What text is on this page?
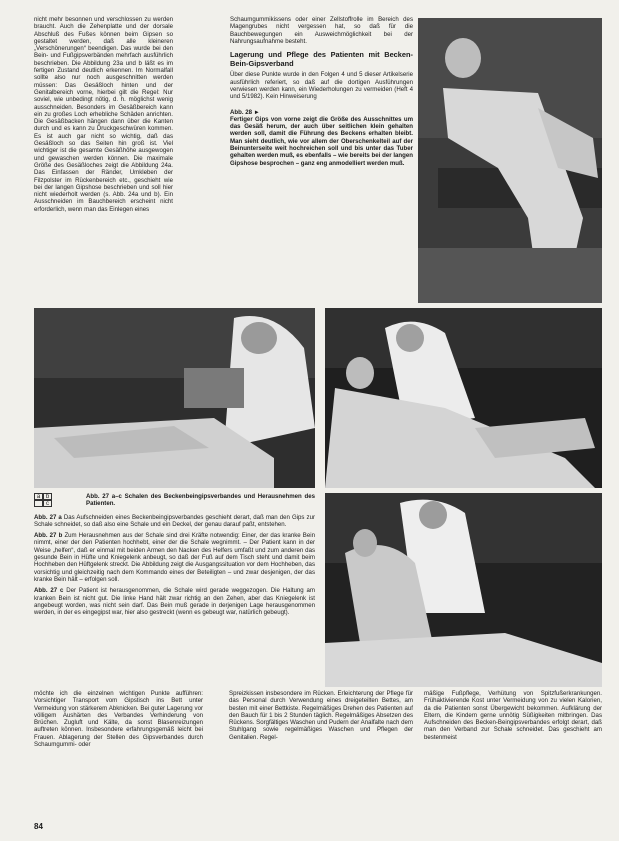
nicht mehr besonnen und verschlossen zu werden braucht. Auch die Zehenplatte und der dorsale Abschluß des Fußes können beim Gipsen so gestaltet werden, daß alle kleineren „Verschönerungen“ beendigen. Das wurde bei den Bein- und Fußgipsverbänden mehrfach ausführlich beschrieben. Die Abbildung 23a und b läßt es im fertigen Zustand deutlich erkennen. Im Normalfall sollte also nur noch ausgeschnitten werden müssen: Das Gesäßloch hinten und der Genitalbereich vorne, hierbei gilt die Regel: Nur soviel, wie unbedingt nötig, d. h. möglichst wenig ausschneiden. Besonders im Gesäßbereich kann ein zu großes Loch erhebliche Schäden anrichten. Die Gesäßbacken hängen dann über die Kanten durch und es kann zu Druckgeschwüren kommen. Es ist auch gar nicht so wichtig, daß das Gesäßloch so das Seiten hin groß ist. Viel wichtiger ist die gesamte Gesäßhöhe ausgewogen und gewaschen werden können. Die maximale Größe des Gesäßloches zeigt die Abbildung 24a. Das Einfassen der Ränder, Umkleben der Filzpolster im Rückenbereich etc., geschieht wie bei der langen Gipshose beschrieben und soll hier nicht wiederholt werden (s. Abb. 24a und b). Ein Ausschneiden im Bauchbereich erscheint nicht erforderlich, wenn man das Einlegen eines

Schaumgummikissens oder einer Zellstoffrolle im Bereich des Magengrubes nicht vergessen hat, so daß für die Bauchbewegungen ein Ausweichmöglichkeit bei der Nahrungsaufnahme besteht.

Lagerung und Pflege des Patienten mit Becken-Bein-Gipsverband

Über diese Punkte wurde in den Folgen 4 und 5 dieser Artikelserie ausführlich referiert, so daß auf die dortigen Ausführungen verwiesen werden kann, ein Wiederholungen zu vermeiden (Heft 4 und 5/1982). Kein Hinweiserung

Abb. 28 ►

Fertiger Gips von vorne zeigt die Größe des Ausschnittes um das Gesäß herum, der auch über seitlichen klein gehalten werden soll, damit die Führung des Beckens erhalten bleibt. Man sieht deutlich, wie vor allem der Oberschenkelteil auf der Beinunterseite weit hochreichen soll und bis unter das Tuber gehalten werden muß, es ebenfalls – wie bereits bei der langen Gipshose besprochen – ganz eng anmodelliert werden muß.

a b
c

Abb. 27 a–c Schalen des Beckenbeingipsverbandes und Herausnehmen des Patienten.

Abb. 27 a Das Aufschneiden eines Beckenbeingipsverbandes geschieht derart, daß man den Gips zur Schale schneidet, so daß also eine Schale und ein Deckel, der genau darauf paßt, entstehen.

Abb. 27 b Zum Herausnehmen aus der Schale sind drei Kräfte notwendig: Einer, der das kranke Bein nimmt, einer der den Patienten hochhebt, einer der die Schale wegnimmt. – Der Patient kann in der Weise „helfen“, daß er einmal mit beiden Armen den Nacken des Helfers umfaßt und zum anderen das gesunde Bein in Hüfte und Kniegelenk anbeugt, so daß der Fuß auf dem Tisch steht und damit beim Hochheben den Hüftgelenk streckt. Die Abbildung zeigt die Ausgangssituation vor dem Hochheben, das vorsichtig und gleichzeitig nach dem Kommando eines der Beteiligten – und zwar desjenigen, der das kranke Bein hält – erfolgen soll.

Abb. 27 c Der Patient ist herausgenommen, die Schale wird gerade weggezogen. Die Haltung am kranken Bein ist nicht gut. Die linke Hand hält zwar richtig an den Zehen, aber das Kniegelenk ist angebeugt worden, was nicht sein darf. Das Bein muß gerade in derjenigen Lage herausgenommen werden, in der es eingegipst war, hier also gestreckt (wenn es gebeugt war, natürlich gebeugt).

möchte ich die einzelnen wichtigen Punkte aufführen: Vorsichtiger Transport vom Gipstisch ins Bett unter Vermeidung von stärkerem Abknicken. Bei guter Lagerung vor völligem Aushärten des Verbandes Verhinderung von Brüchen. Zugluft und Kälte, da sonst Blasenreizungen auftreten können. Insbesondere erfahrungsgemäß leicht bei Frauen. Ablagerung der Stellen des Gipsverbandes durch Schaumgummi- oder

Spreizkissen insbesondere im Rücken. Erleichterung der Pflege für das Personal durch Verwendung eines dreigeteilten Bettes, am besten mit einer Bettkiste. Regelmäßiges Drehen des Patienten auf den Bauch für 1 bis 2 Stunden täglich. Regelmäßiges Absetzen des Rückens. Sorgfältiges Waschen und Pudern der Analfalte nach dem Stuhlgang sowie regelmäßiges Waschen und Pflegen der Genitalien. Regel-

mäßige Fußpflege, Verhütung von Spitzfußerkrankungen. Frühaktivierende Kost unter Vermeidung von zu vielen Kalorien, da die Patienten sonst Übergewicht bekommen. Aufklärung der Eltern, die Kindern gerne unnötig Süßigkeiten mitbringen. Das Aufschneiden des Becken-Beingipsverbandes erfolgt derart, daß man den Verband zur Schale schneidet. Das geschieht am bestenmeist

84
